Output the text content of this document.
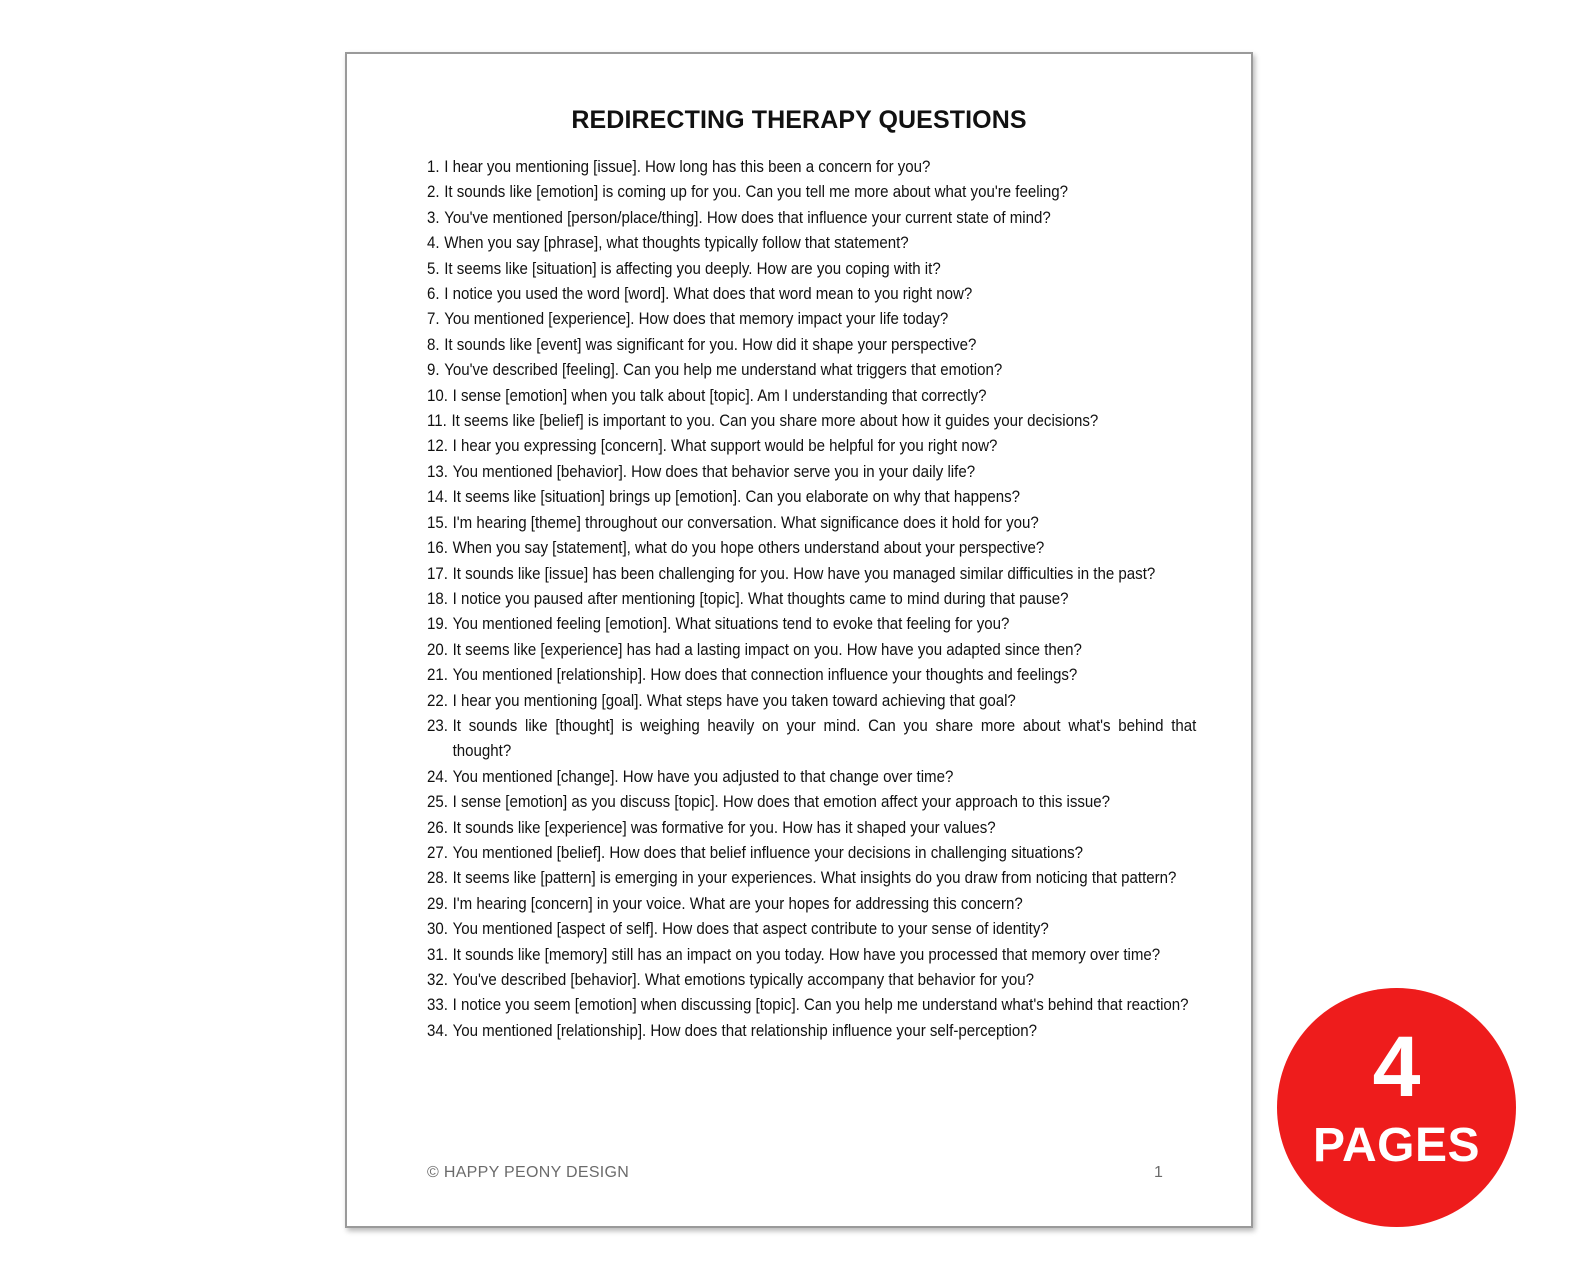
REDIRECTING THERAPY QUESTIONS
1. I hear you mentioning [issue]. How long has this been a concern for you?
2. It sounds like [emotion] is coming up for you. Can you tell me more about what you're feeling?
3. You've mentioned [person/place/thing]. How does that influence your current state of mind?
4. When you say [phrase], what thoughts typically follow that statement?
5. It seems like [situation] is affecting you deeply. How are you coping with it?
6. I notice you used the word [word]. What does that word mean to you right now?
7. You mentioned [experience]. How does that memory impact your life today?
8. It sounds like [event] was significant for you. How did it shape your perspective?
9. You've described [feeling]. Can you help me understand what triggers that emotion?
10. I sense [emotion] when you talk about [topic]. Am I understanding that correctly?
11. It seems like [belief] is important to you. Can you share more about how it guides your decisions?
12. I hear you expressing [concern]. What support would be helpful for you right now?
13. You mentioned [behavior]. How does that behavior serve you in your daily life?
14. It seems like [situation] brings up [emotion]. Can you elaborate on why that happens?
15. I'm hearing [theme] throughout our conversation. What significance does it hold for you?
16. When you say [statement], what do you hope others understand about your perspective?
17. It sounds like [issue] has been challenging for you. How have you managed similar difficulties in the past?
18. I notice you paused after mentioning [topic]. What thoughts came to mind during that pause?
19. You mentioned feeling [emotion]. What situations tend to evoke that feeling for you?
20. It seems like [experience] has had a lasting impact on you. How have you adapted since then?
21. You mentioned [relationship]. How does that connection influence your thoughts and feelings?
22. I hear you mentioning [goal]. What steps have you taken toward achieving that goal?
23. It sounds like [thought] is weighing heavily on your mind. Can you share more about what's behind that thought?
24. You mentioned [change]. How have you adjusted to that change over time?
25. I sense [emotion] as you discuss [topic]. How does that emotion affect your approach to this issue?
26. It sounds like [experience] was formative for you. How has it shaped your values?
27. You mentioned [belief]. How does that belief influence your decisions in challenging situations?
28. It seems like [pattern] is emerging in your experiences. What insights do you draw from noticing that pattern?
29. I'm hearing [concern] in your voice. What are your hopes for addressing this concern?
30. You mentioned [aspect of self]. How does that aspect contribute to your sense of identity?
31. It sounds like [memory] still has an impact on you today. How have you processed that memory over time?
32. You've described [behavior]. What emotions typically accompany that behavior for you?
33. I notice you seem [emotion] when discussing [topic]. Can you help me understand what's behind that reaction?
34. You mentioned [relationship]. How does that relationship influence your self-perception?
© HAPPY PEONY DESIGN	1
4
PAGES
